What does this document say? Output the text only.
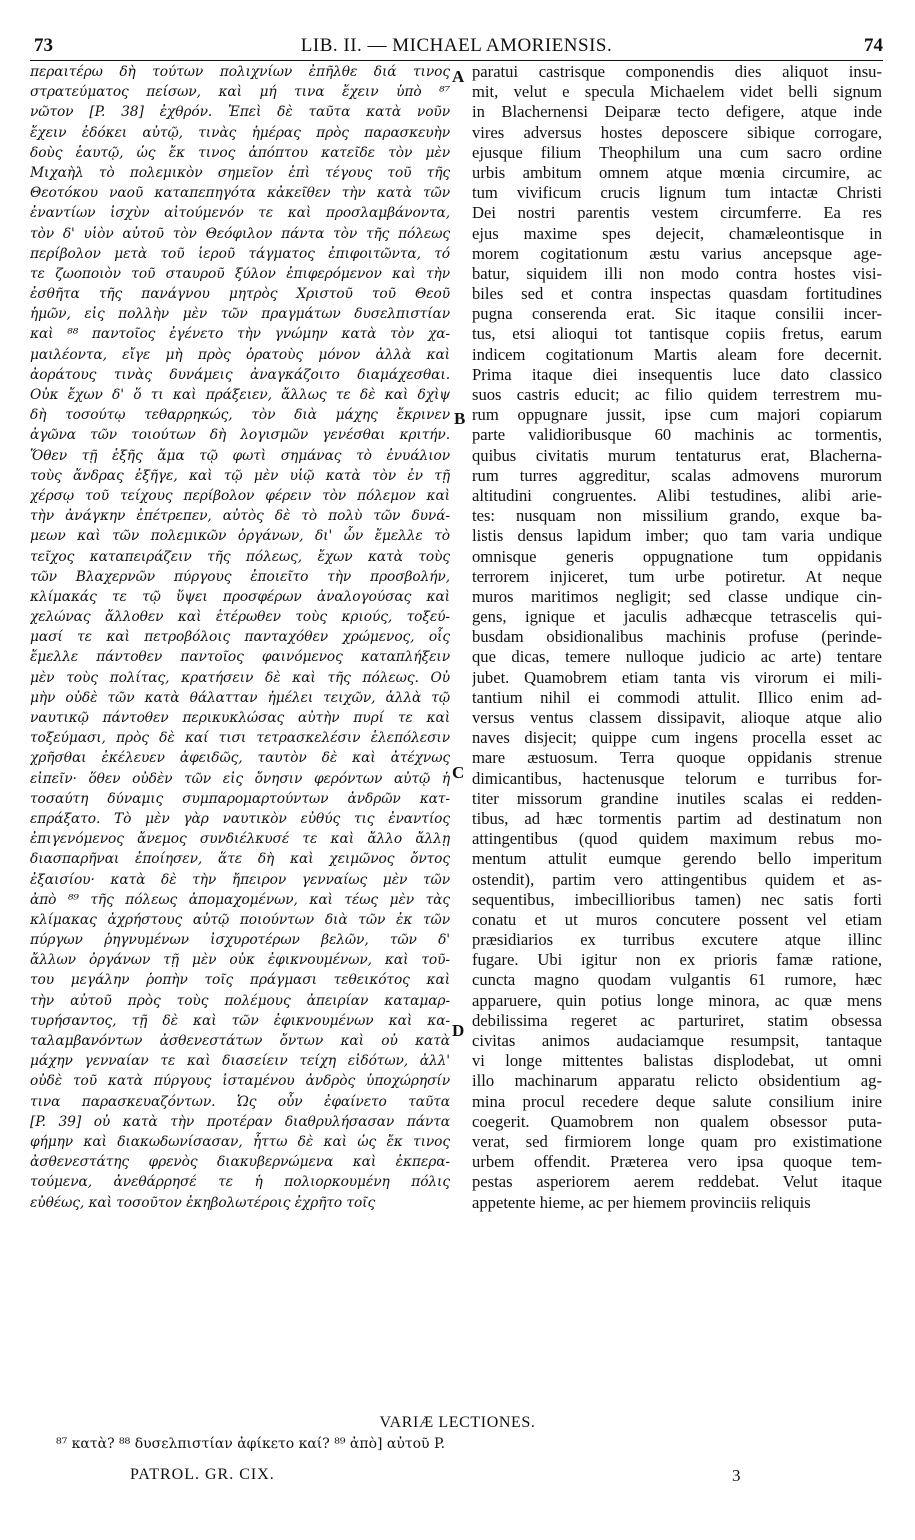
73	LIB. II. — MICHAEL AMORIENSIS.	74
περαιτέρω δὴ τούτων πολιχνίων ἐπῆλθε διά τινος
στρατεύματος πείσων, καὶ μή τινα ἔχειν ὑπὸ ⁸⁷
νῶτον [P. 38] ἐχθρόν. Ἐπεὶ δὲ ταῦτα κατὰ νοῦν
ἔχειν ἐδόκει αὐτῷ, τινὰς ἡμέρας πρὸς παρασκευὴν
δοὺς ἑαυτῷ, ὡς ἔκ τινος ἀπόπτου κατεῖδε τὸν μὲν
Μιχαὴλ τὸ πολεμικὸν σημεῖον ἐπὶ τέγους τοῦ τῆς
Θεοτόκου ναοῦ καταπεπηγότα κἀκεῖθεν τὴν κατὰ τῶν
ἐναντίων ἰσχὺν αἰτούμενόν τε καὶ προσλαμβάνοντα,
τὸν δ' υἱὸν αὐτοῦ τὸν Θεόφιλον πάντα τὸν τῆς πόλεως
περίβολον μετὰ τοῦ ἱεροῦ τάγματος ἐπιφοιτῶντα, τό
τε ζωοποιὸν τοῦ σταυροῦ ξύλον ἐπιφερόμενον καὶ τὴν
ἐσθῆτα τῆς πανάγνου μητρὸς Χριστοῦ τοῦ Θεοῦ
ἡμῶν, εἰς πολλὴν μὲν τῶν πραγμάτων δυσελπιστίαν
καὶ ⁸⁸ παντοῖος ἐγένετο τὴν γνώμην κατὰ τὸν χα-
μαιλέοντα, εἴγε μὴ πρὸς ὁρατοὺς μόνον ἀλλὰ καὶ
ἀοράτους τινὰς δυνάμεις ἀναγκάζοιτο διαμάχεσθαι.
Οὐκ ἔχων δ' ὅ τι καὶ πράξειεν, ἄλλως τε δὲ καὶ δχὶψ
δὴ τοσούτῳ τεθαρρηκώς, τὸν διὰ μάχης ἔκρινεν
ἀγῶνα τῶν τοιούτων δὴ λογισμῶν γενέσθαι κριτήν.
Ὅθεν τῇ ἑξῆς ἅμα τῷ φωτὶ σημάνας τὸ ἐνυάλιον
τοὺς ἄνδρας ἐξῆγε, καὶ τῷ μὲν υἱῷ κατὰ τὸν ἐν τῇ
χέρσῳ τοῦ τείχους περίβολον φέρειν τὸν πόλεμον καὶ
τὴν ἀνάγκην ἐπέτρεπεν, αὐτὸς δὲ τὸ πολὺ τῶν δυνά-
μεων καὶ τῶν πολεμικῶν ὀργάνων, δι' ὧν ἔμελλε τὸ
τεῖχος καταπειράζειν τῆς πόλεως, ἔχων κατὰ τοὺς
τῶν Βλαχερνῶν πύργους ἐποιεῖτο τὴν προσβολήν,
κλίμακάς τε τῷ ὕψει προσφέρων ἀναλογούσας καὶ
χελώνας ἄλλοθεν καὶ ἑτέρωθεν τοὺς κριούς, τοξεύ-
μασί τε καὶ πετροβόλοις πανταχόθεν χρώμενος, οἷς
ἔμελλε πάντοθεν παντοῖος φαινόμενος καταπλήξειν
μὲν τοὺς πολίτας, κρατήσειν δὲ καὶ τῆς πόλεως. Οὐ
μὴν οὐδὲ τῶν κατὰ θάλατταν ἠμέλει τειχῶν, ἀλλὰ τῷ
ναυτικῷ πάντοθεν περικυκλώσας αὐτὴν πυρί τε καὶ
τοξεύμασι, πρὸς δὲ καί τισι τετρασκελέσιν ἑλεπόλεσιν
χρῆσθαι ἐκέλευεν ἀφειδῶς, ταυτὸν δὲ καὶ ἀτέχνως
εἰπεῖν· ὅθεν οὐδὲν τῶν εἰς ὄνησιν φερόντων αὐτῷ ἡ
τοσαύτη δύναμις συμπαρομαρτούντων ἀνδρῶν κατ-
επράξατο. Τὸ μὲν γὰρ ναυτικὸν εὐθύς τις ἐναντίος
ἐπιγενόμενος ἄνεμος συνδιέλκυσέ τε καὶ ἄλλο ἄλλῃ
διασπαρῆναι ἐποίησεν, ἅτε δὴ καὶ χειμῶνος ὄντος
ἐξαισίου· κατὰ δὲ τὴν ἤπειρον γενναίως μὲν τῶν
ἀπὸ ⁸⁹ τῆς πόλεως ἀπομαχομένων, καὶ τέως μὲν τὰς
κλίμακας ἀχρήστους αὐτῷ ποιούντων διὰ τῶν ἐκ τῶν
πύργων ῥηγνυμένων ἰσχυροτέρων βελῶν, τῶν δ'
ἄλλων ὀργάνων τῇ μὲν οὐκ ἐφικνουμένων, καὶ τοῦ-
του μεγάλην ῥοπὴν τοῖς πράγμασι τεθεικότος καὶ
τὴν αὐτοῦ πρὸς τοὺς πολέμους ἀπειρίαν καταμαρ-
τυρήσαντος, τῇ δὲ καὶ τῶν ἐφικνουμένων καὶ κα-
ταλαμβανόντων ἀσθενεστάτων ὄντων καὶ οὐ κατὰ
μάχην γενναίαν τε καὶ διασείειν τείχη εἰδότων, ἀλλ'
οὐδὲ τοῦ κατὰ πύργους ἱσταμένου ἀνδρὸς ὑποχώρησίν
τινα παρασκευαζόντων. Ὡς οὖν ἐφαίνετο ταῦτα
[P. 39] οὐ κατὰ τὴν προτέραν διαθρυλήσασαν πάντα
φήμην καὶ διακωδωνίσασαν, ἧττω δὲ καὶ ὡς ἔκ τινος
ἀσθενεστάτης φρενὸς διακυβερνώμενα καὶ ἐκπερα-
τούμενα, ἀνεθάρρησέ τε ἡ πολιορκουμένη πόλις
εὐθέως, καὶ τοσοῦτον ἐκηβολωτέροις ἐχρῆτο τοῖς
paratui castrisque componendis dies aliquot insu-
mit, velut e specula Michaelem videt belli signum
in Blachernensi Deiparæ tecto defigere, atque inde
vires adversus hostes deposcere sibique corrogare,
ejusque filium Theophilum una cum sacro ordine
urbis ambitum omnem atque mœnia circumire, ac
tum vivificum crucis lignum tum intactæ Christi
Dei nostri parentis vestem circumferre. Ea res
ejus maxime spes dejecit, chamæleontisque in
morem cogitationum æstu varius ancepsque age-
batur, siquidem illi non modo contra hostes visi-
biles sed et contra inspectas quasdam fortitudines
pugna conserenda erat. Sic itaque consilii incer-
tus, etsi alioqui tot tantisque copiis fretus, earum
indicem cogitationum Martis aleam fore decernit.
Prima itaque diei insequentis luce dato classico
suos castris educit; ac filio quidem terrestrem mu-
rum oppugnare jussit, ipse cum majori copiarum
parte validioribusque 60 machinis ac tormentis,
quibus civitatis murum tentaturus erat, Blacherna-
rum turres aggreditur, scalas admovens murorum
altitudini congruentes. Alibi testudines, alibi arie-
tes: nusquam non missilium grando, exque ba-
listis densus lapidum imber; quo tam varia undique
omnisque generis oppugnatione tum oppidanis
terrorem injiceret, tum urbe potiretur. At neque
muros maritimos negligit; sed classe undique cin-
gens, ignique et jaculis adhæcque tetrascelis qui-
busdam obsidionalibus machinis profuse (perinde-
que dicas, temere nulloque judicio ac arte) tentare
jubet. Quamobrem etiam tanta vis virorum ei mili-
tantium nihil ei commodi attulit. Illico enim ad-
versus ventus classem dissipavit, alioque atque alio
naves disjecit; quippe cum ingens procella esset ac
mare æstuosum. Terra quoque oppidanis strenue
dimicantibus, hactenusque telorum e turribus for-
titer missorum grandine inutiles scalas ei redden-
tibus, ad hæc tormentis partim ad destinatum non
attingentibus (quod quidem maximum rebus mo-
mentum attulit eumque gerendo bello imperitum
ostendit), partim vero attingentibus quidem et as-
sequentibus, imbecillioribus tamen) nec satis forti
conatu et ut muros concutere possent vel etiam
præsidiarios ex turribus excutere atque illinc
fugare. Ubi igitur non ex prioris famæ ratione,
cuncta magno quodam vulgantis 61 rumore, hæc
apparuere, quin potius longe minora, ac quæ mens
debilissima regeret ac parturiret, statim obsessa
civitas animos audaciamque resumpsit, tantaque
vi longe mittentes balistas displodebat, ut omni
illo machinarum apparatu relicto obsidentium ag-
mina procul recedere deque salute consilium inire
coegerit. Quamobrem non qualem obsessor puta-
verat, sed firmiorem longe quam pro existimatione
urbem offendit. Præterea vero ipsa quoque tem-
pestas asperiorem aerem reddebat. Velut itaque
appetente hieme, ac per hiemem provinciis reliquis
A
B
C
D
VARIÆ LECTIONES.
⁸⁷ κατὰ? ⁸⁸ δυσελπιστίαν ἀφίκετο καί? ⁸⁹ ἀπὸ] αὐτοῦ P.
PATROL. GR. CIX.	3
